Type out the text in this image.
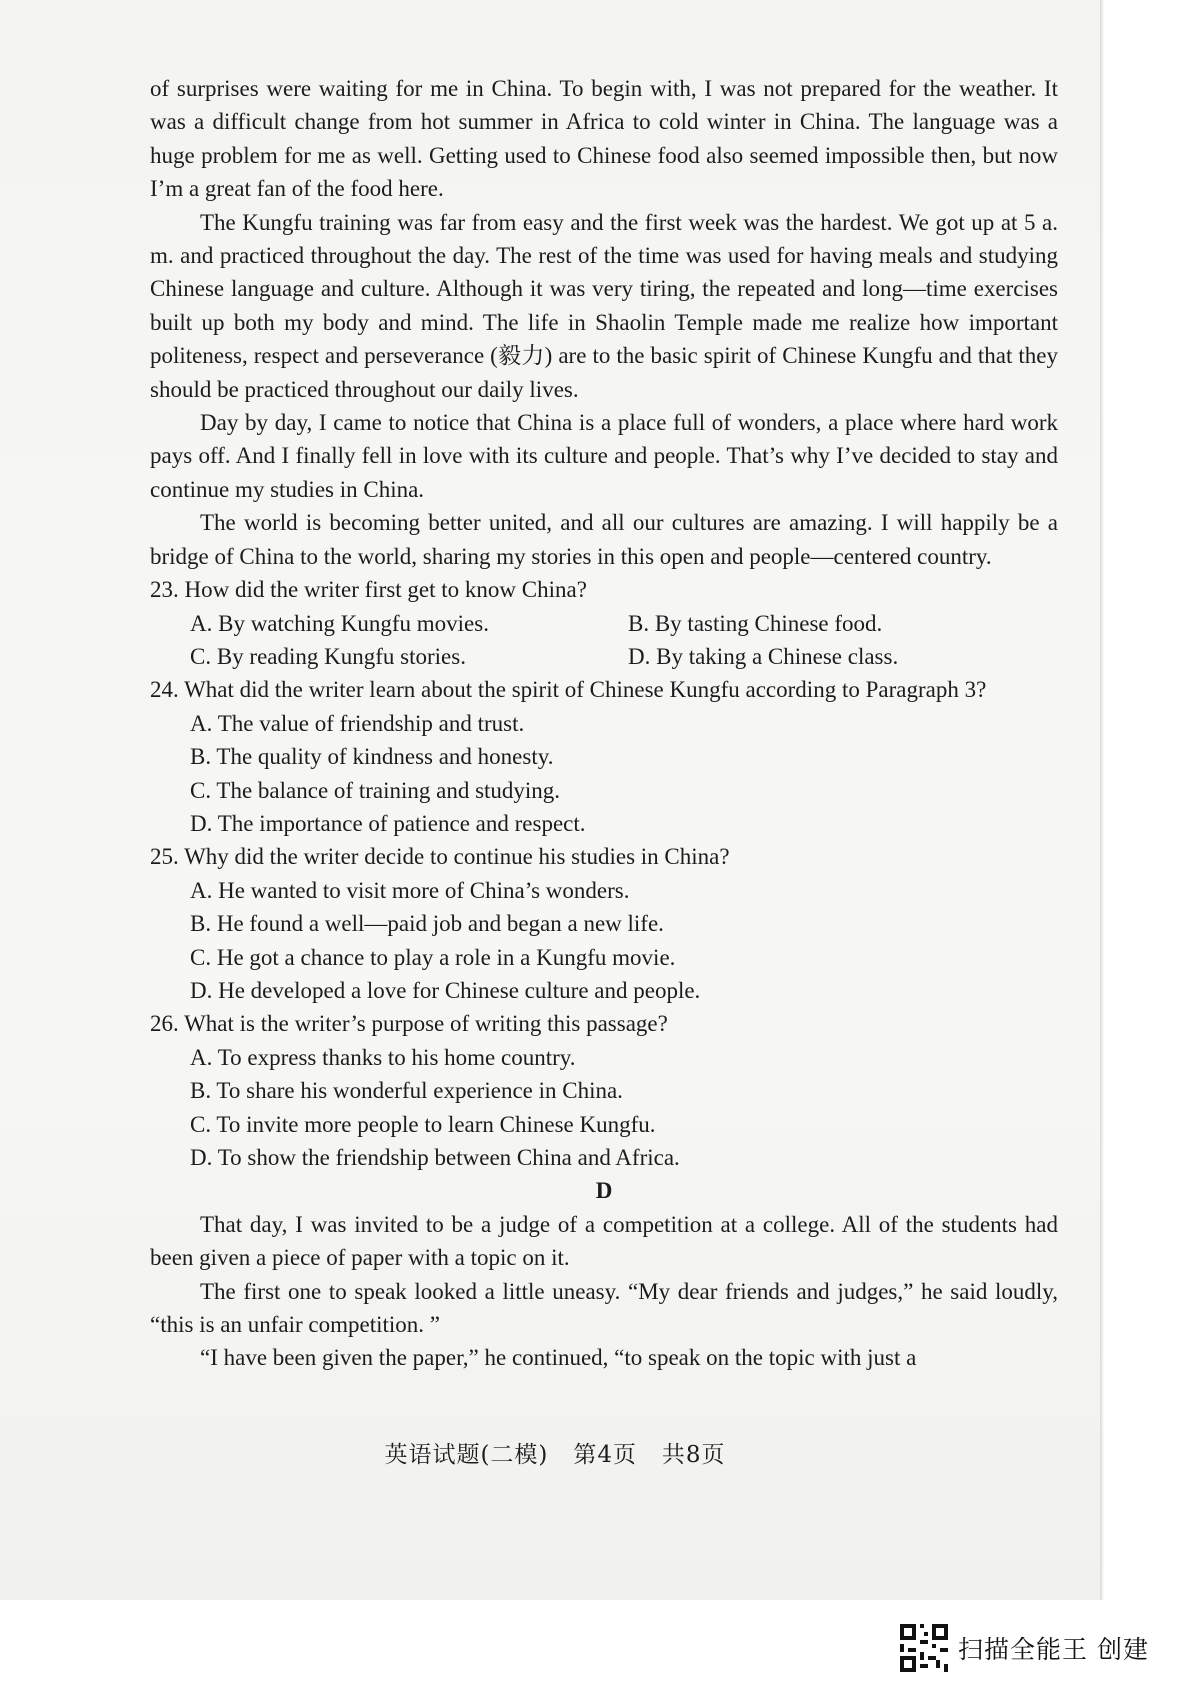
of surprises were waiting for me in China. To begin with, I was not prepared for the weather. It was a difficult change from hot summer in Africa to cold winter in China. The language was a huge problem for me as well. Getting used to Chinese food also seemed impossible then, but now I’m a great fan of the food here.

The Kungfu training was far from easy and the first week was the hardest. We got up at 5 a. m. and practiced throughout the day. The rest of the time was used for having meals and studying Chinese language and culture. Although it was very tiring, the repeated and long—time exercises built up both my body and mind. The life in Shaolin Temple made me realize how important politeness, respect and perseverance (毅力) are to the basic spirit of Chinese Kungfu and that they should be practiced throughout our daily lives.

Day by day, I came to notice that China is a place full of wonders, a place where hard work pays off. And I finally fell in love with its culture and people. That’s why I’ve decided to stay and continue my studies in China.

The world is becoming better united, and all our cultures are amazing. I will happily be a bridge of China to the world, sharing my stories in this open and people—centered country.

23. How did the writer first get to know China?
A. By watching Kungfu movies.	B. By tasting Chinese food.
C. By reading Kungfu stories.	D. By taking a Chinese class.
24. What did the writer learn about the spirit of Chinese Kungfu according to Paragraph 3?
A. The value of friendship and trust.
B. The quality of kindness and honesty.
C. The balance of training and studying.
D. The importance of patience and respect.
25. Why did the writer decide to continue his studies in China?
A. He wanted to visit more of China’s wonders.
B. He found a well—paid job and began a new life.
C. He got a chance to play a role in a Kungfu movie.
D. He developed a love for Chinese culture and people.
26. What is the writer’s purpose of writing this passage?
A. To express thanks to his home country.
B. To share his wonderful experience in China.
C. To invite more people to learn Chinese Kungfu.
D. To show the friendship between China and Africa.
D

That day, I was invited to be a judge of a competition at a college. All of the students had been given a piece of paper with a topic on it.

The first one to speak looked a little uneasy. “My dear friends and judges,” he said loudly, “this is an unfair competition. ”

“I have been given the paper,” he continued, “to speak on the topic with just a

英语试题(二模) 第4页 共8页
扫描全能王 创建
